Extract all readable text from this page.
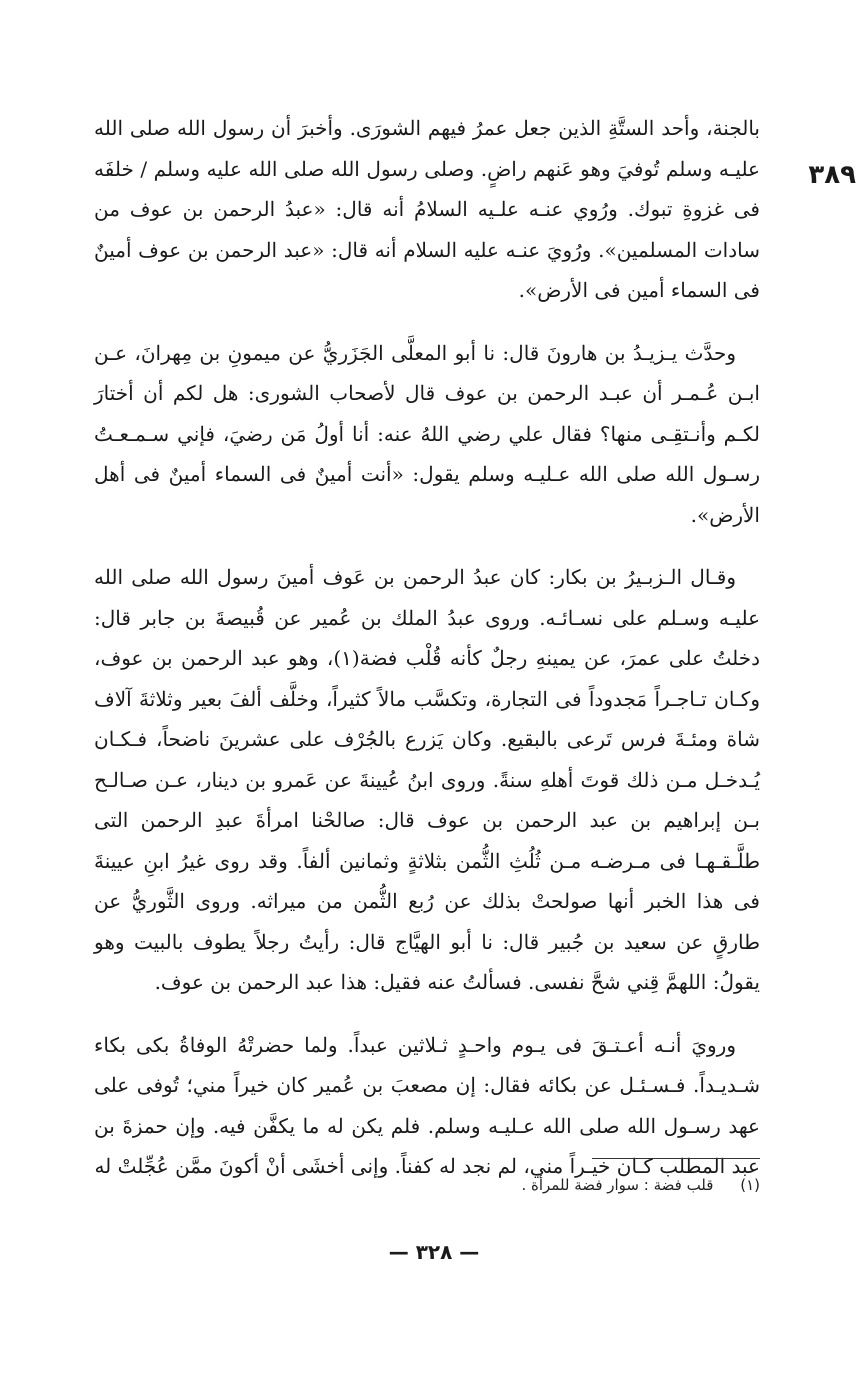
٣٨٩

بالجنة، وأحد الستَّةِ الذين جعل عمرُ فيهم الشورَى. وأخبرَ أن رسول الله صلى الله عليـه وسلم تُوفيَ وهو عَنهم راضٍ. وصلى رسول الله صلى الله عليه وسلم / خلفَه فى غزوةِ تبوك. ورُوي عنـه علـيه السلامُ أنه قال: «عبدُ الرحمن بن عوف من سادات المسلمين». ورُويَ عنـه عليه السلام أنه قال: «عبد الرحمن بن عوف أمينٌ فى السماء أمين فى الأرض».

وحدَّث يـزيـدُ بن هارونَ قال: نا أبو المعلَّى الجَزَريُّ عن ميمونِ بن مِهرانَ، عـن ابـن عُـمـر أن عبـد الرحمن بن عوف قال لأصحاب الشورى: هل لكم أن أختارَ لكـم وأنـتقِـى منها؟ فقال علي رضي اللهُ عنه: أنا أولُ مَن رضيَ، فإني سـمـعـتُ رسـول الله صلى الله عـليـه وسلم يقول: «أنت أمينٌ فى السماء أمينٌ فى أهل الأرض».

وقـال الـزبـيرُ بن بكار: كان عبدُ الرحمن بن عَوف أمينَ رسول الله صلى الله عليـه وسـلم على نسـائـه. وروى عبدُ الملك بن عُمير عن قُبيصةَ بن جابر قال: دخلتُ على عمرَ، عن يمينهِ رجلٌ كأنه قُلْب فضة(١)، وهو عبد الرحمن بن عوف، وكـان تـاجـراً مَجدوداً فى التجارة، وتكسَّب مالاً كثيراً، وخلَّف ألفَ بعير وثلاثةَ آلاف شاة ومئـةَ فرس تَرعى بالبقيع. وكان يَزرع بالجُرْف على عشرينَ ناضحاً، فـكـان يُـدخـل مـن ذلك قوتَ أهلهِ سنةً. وروى ابنُ عُيينةَ عن عَمرو بن دينار، عـن صـالـح بـن إبراهيم بن عبد الرحمن بن عوف قال: صالحْنا امرأةَ عبدِ الرحمن التى طلَّـقـهـا فى مـرضـه مـن ثُلُثِ الثُّمن بثلاثةٍ وثمانين ألفاً. وقد روى غيرُ ابنِ عيينةَ فى هذا الخبر أنها صولحتْ بذلك عن رُبع الثُّمن من ميراثه. وروى الثَّوريُّ عن طارقٍ عن سعيد بن جُبير قال: نا أبو الهيَّاج قال: رأيتُ رجلاً يطوف بالبيت وهو يقولُ: اللهمَّ قِني شحَّ نفسى. فسألتُ عنه فقيل: هذا عبد الرحمن بن عوف.

ورويَ أنـه أعـتـقَ فى يـوم واحـدٍ ثـلاثين عبداً. ولما حضرتْهُ الوفاةُ بكى بكاء شـديـداً. فـسـئـل عن بكائه فقال: إن مصعبَ بن عُمير كان خيراً مني؛ تُوفى على عهد رسـول الله صلى الله عـليـه وسلم. فلم يكن له ما يكفَّن فيه. وإن حمزةَ بن عبد المطلب كـان خيـراً مني، لم نجد له كفناً. وإنى أخشَى أنْ أكونَ ممَّن عُجِّلتْ له

(١) قلب فضة : سوار فضة للمرأة .
— ٣٢٨ —
